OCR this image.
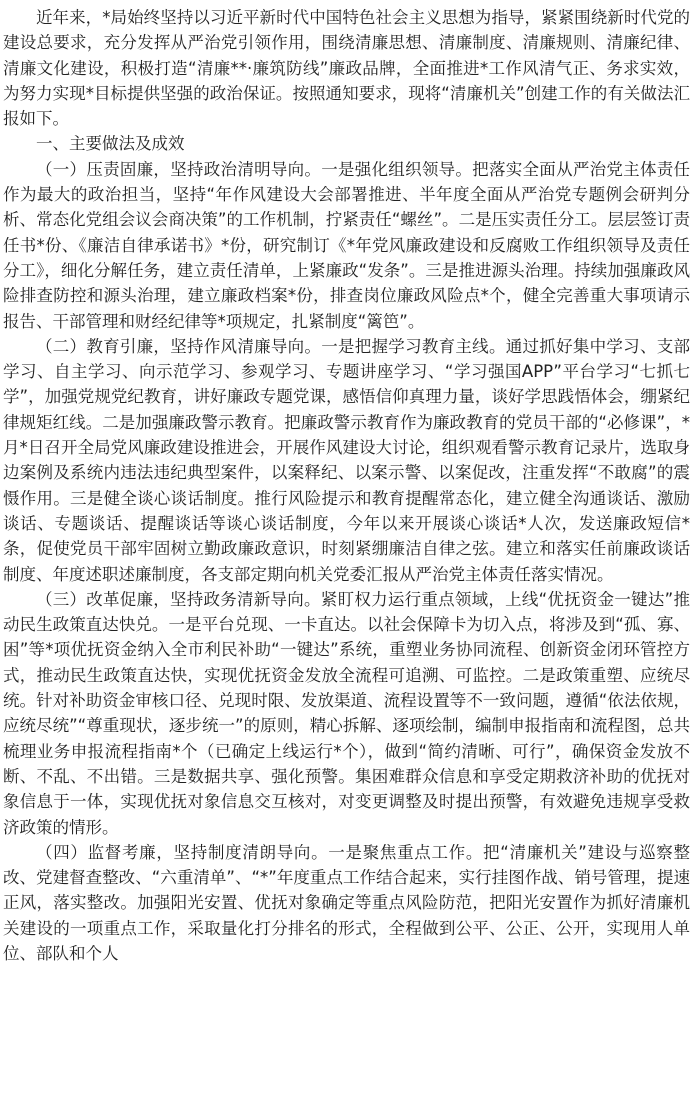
近年来，*局始终坚持以习近平新时代中国特色社会主义思想为指导，紧紧围绕新时代党的建设总要求，充分发挥从严治党引领作用，围绕清廉思想、清廉制度、清廉规则、清廉纪律、清廉文化建设，积极打造“清廉**·廉筑防线”廉政品牌，全面推进*工作风清气正、务求实效，为努力实现*目标提供坚强的政治保证。按照通知要求，现将“清廉机关”创建工作的有关做法汇报如下。

一、主要做法及成效

（一）压责固廉，坚持政治清明导向。一是强化组织领导。把落实全面从严治党主体责任作为最大的政治担当，坚持“年作风建设大会部署推进、半年度全面从严治党专题例会研判分析、常态化党组会议会商决策”的工作机制，拧紧责任“螺丝”。二是压实责任分工。层层签订责任书*份、《廉洁自律承诺书》*份，研究制订《*年党风廉政建设和反腐败工作组织领导及责任分工》，细化分解任务，建立责任清单，上紧廉政“发条”。三是推进源头治理。持续加强廉政风险排查防控和源头治理，建立廉政档案*份，排查岗位廉政风险点*个，健全完善重大事项请示报告、干部管理和财经纪律等*项规定，扎紧制度“篱笆”。

（二）教育引廉，坚持作风清廉导向。一是把握学习教育主线。通过抓好集中学习、支部学习、自主学习、向示范学习、参观学习、专题讲座学习、“学习强国APP”平台学习“七抓七学”，加强党规党纪教育，讲好廉政专题党课，感悟信仰真理力量，谈好学思践悟体会，绷紧纪律规矩红线。二是加强廉政警示教育。把廉政警示教育作为廉政教育的党员干部的“必修课”，*月*日召开全局党风廉政建设推进会，开展作风建设大讨论，组织观看警示教育记录片，选取身边案例及系统内违法违纪典型案件，以案释纪、以案示警、以案促改，注重发挥“不敢腐”的震慑作用。三是健全谈心谈话制度。推行风险提示和教育提醒常态化，建立健全沟通谈话、激励谈话、专题谈话、提醒谈话等谈心谈话制度，今年以来开展谈心谈话*人次，发送廉政短信*条，促使党员干部牢固树立勤政廉政意识，时刻紧绷廉洁自律之弦。建立和落实任前廉政谈话制度、年度述职述廉制度，各支部定期向机关党委汇报从严治党主体责任落实情况。

（三）改革促廉，坚持政务清新导向。紧盯权力运行重点领域，上线“优抚资金一键达”推动民生政策直达快兑。一是平台兑现、一卡直达。以社会保障卡为切入点，将涉及到“孤、寡、困”等*项优抚资金纳入全市利民补助“一键达”系统，重塑业务协同流程、创新资金闭环管控方式，推动民生政策直达快，实现优抚资金发放全流程可追溯、可监控。二是政策重塑、应统尽统。针对补助资金审核口径、兑现时限、发放渠道、流程设置等不一致问题，遵循“依法依规，应统尽统”“尊重现状，逐步统一”的原则，精心拆解、逐项绘制，编制申报指南和流程图，总共梳理业务申报流程指南*个（已确定上线运行*个），做到“简约清晰、可行”，确保资金发放不断、不乱、不出错。三是数据共享、强化预警。集困难群众信息和享受定期救济补助的优抚对象信息于一体，实现优抚对象信息交互核对，对变更调整及时提出预警，有效避免违规享受救济政策的情形。

（四）监督考廉，坚持制度清朗导向。一是聚焦重点工作。把“清廉机关”建设与巡察整改、党建督查整改、“六重清单”、“*”年度重点工作结合起来，实行挂图作战、销号管理，提速正风，落实整改。加强阳光安置、优抚对象确定等重点风险防范，把阳光安置作为抓好清廉机关建设的一项重点工作，采取量化打分排名的形式，全程做到公平、公正、公开，实现用人单位、部队和个人
